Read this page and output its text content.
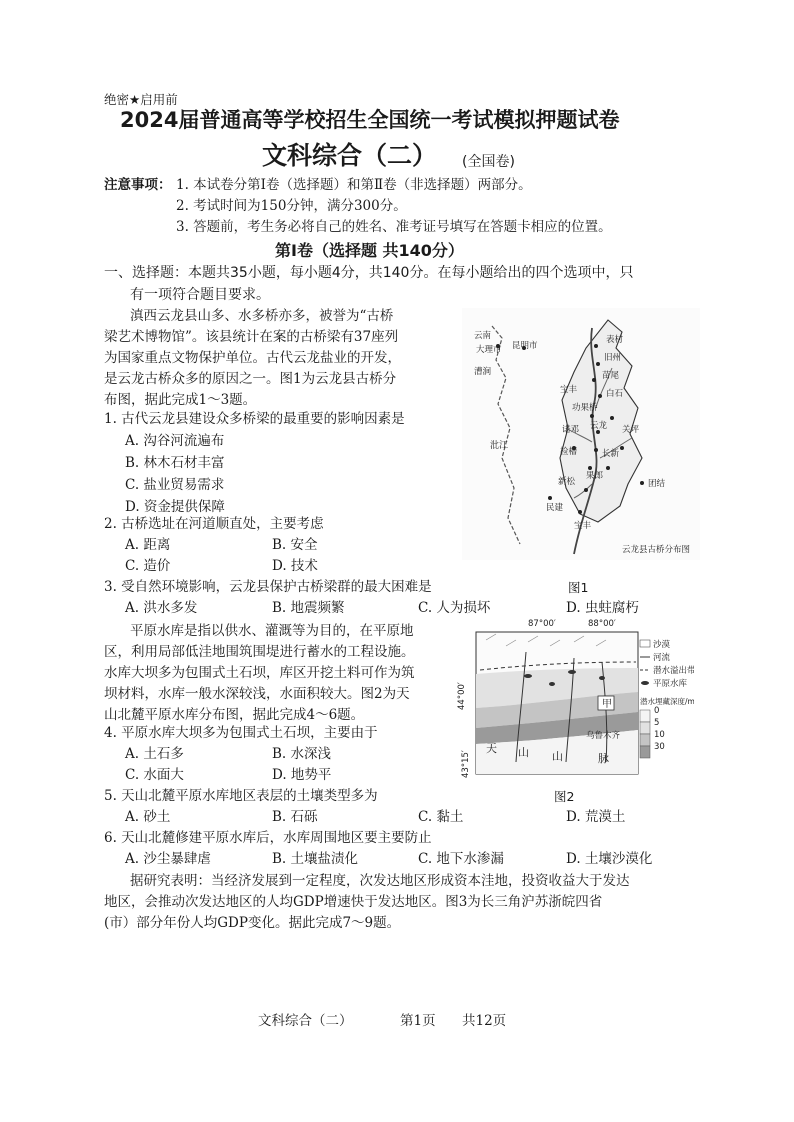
绝密★启用前
2024届普通高等学校招生全国统一考试模拟押题试卷
文科综合（二） (全国卷)
注意事项： 1. 本试卷分第Ⅰ卷（选择题）和第Ⅱ卷（非选择题）两部分。
2. 考试时间为150分钟，满分300分。
3. 答题前，考生务必将自己的姓名、准考证号填写在答题卡相应的位置。
第Ⅰ卷（选择题 共140分）
一、选择题：本题共35小题，每小题4分，共140分。在每小题给出的四个选项中，只
有一项符合题目要求。
滇西云龙县山多、水多桥亦多，被誉为“古桥
梁艺术博物馆”。该县统计在案的古桥梁有37座列
为国家重点文物保护单位。古代云龙盐业的开发，
是云龙古桥众多的原因之一。图1为云龙县古桥分
布图，据此完成1～3题。
云南
大理市 昆明市
漕涧
表村
旧州
苗尾
白石
宝丰
功果桥
云龙
诺邓	关坪
检槽	长新
团结
果郎
新松
民建
宝丰
沘江
云龙县古桥分布图
1. 古代云龙县建设众多桥梁的最重要的影响因素是
A. 沟谷河流遍布
B. 林木石材丰富
C. 盐业贸易需求
D. 资金提供保障
2. 古桥选址在河道顺直处，主要考虑
A. 距离	B. 安全
C. 造价	D. 技术
3. 受自然环境影响，云龙县保护古桥梁群的最大困难是	图1
A. 洪水多发	B. 地震频繁	C. 人为损坏	D. 虫蛀腐朽
平原水库是指以供水、灌溉等为目的，在平原地
区，利用局部低洼地围筑围堤进行蓄水的工程设施。
水库大坝多为包围式土石坝，库区开挖土料可作为筑
坝材料，水库一般水深较浅，水面积较大。图2为天
山北麓平原水库分布图，据此完成4～6题。
87°00′	88°00′
44°00′
43°15′
天 山 山	脉
甲
乌鲁木齐
沙漠
河流
潜水溢出带
平原水库
潜水埋藏深度/m
0
5
10
30
4. 平原水库大坝多为包围式土石坝，主要由于
A. 土石多	B. 水深浅
C. 水面大	D. 地势平
5. 天山北麓平原水库地区表层的土壤类型多为	图2
A. 砂土	B. 石砾	C. 黏土	D. 荒漠土
6. 天山北麓修建平原水库后，水库周围地区要主要防止
A. 沙尘暴肆虐	B. 土壤盐渍化	C. 地下水渗漏	D. 土壤沙漠化
据研究表明：当经济发展到一定程度，次发达地区形成资本洼地，投资收益大于发达
地区，会推动次发达地区的人均GDP增速快于发达地区。图3为长三角沪苏浙皖四省
(市）部分年份人均GDP变化。据此完成7～9题。
文科综合（二）	第1页 共12页
